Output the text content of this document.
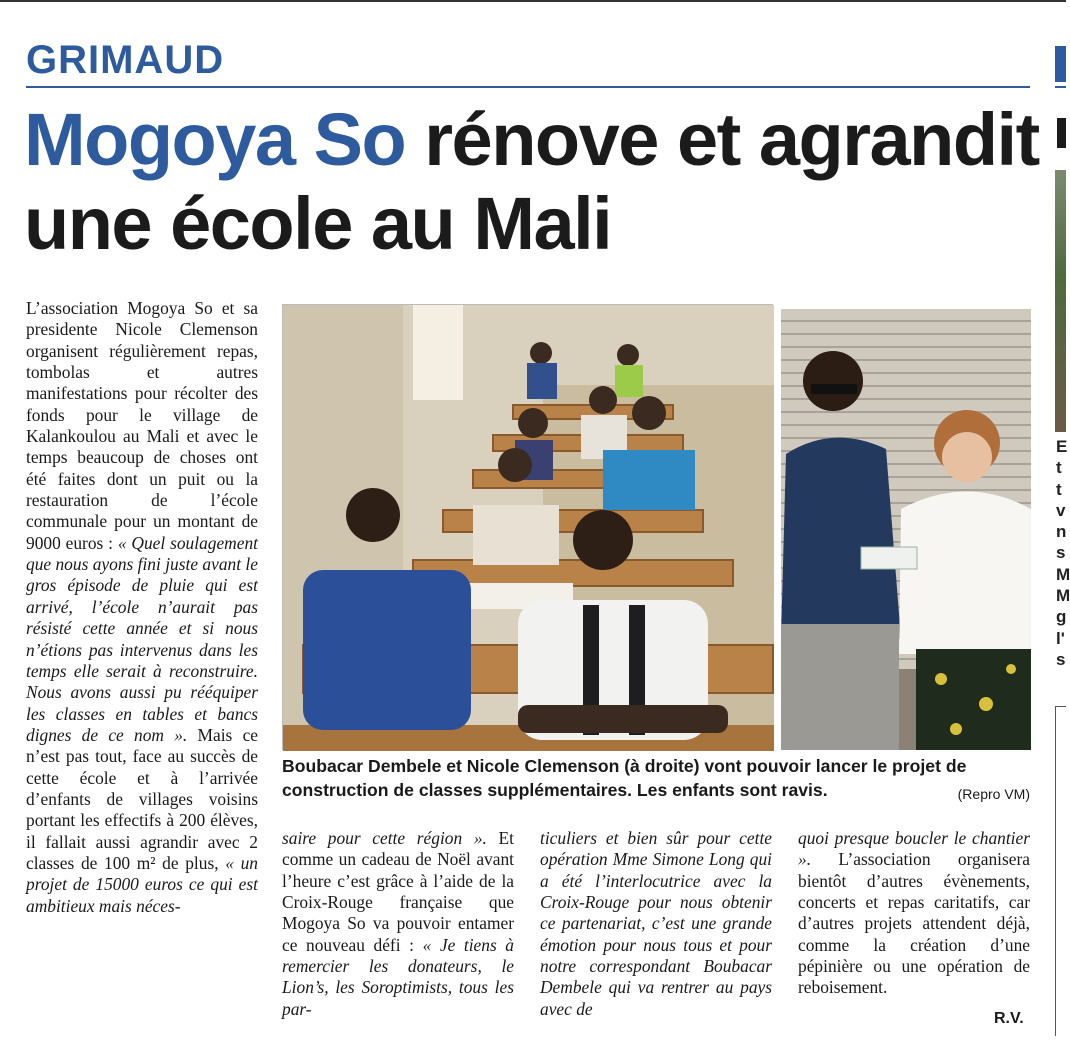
GRIMAUD
Mogoya So rénove et agrandit une école au Mali
E
t
t
v
n
s
M
M
g
l'
s
L’association Mogoya So et sa presidente Nicole Clemenson organisent régulièrement repas, tombolas et autres manifestations pour récolter des fonds pour le village de Kalankoulou au Mali et avec le temps beaucoup de choses ont été faites dont un puit ou la restauration de l’école communale pour un montant de 9000 euros : « Quel soulagement que nous ayons fini juste avant le gros épisode de pluie qui est arrivé, l’école n’aurait pas résisté cette année et si nous n’étions pas intervenus dans les temps elle serait à reconstruire. Nous avons aussi pu rééquiper les classes en tables et bancs dignes de ce nom ». Mais ce n’est pas tout, face au succès de cette école et à l’arrivée d’enfants de villages voisins portant les effectifs à 200 élèves, il fallait aussi agrandir avec 2 classes de 100 m² de plus, « un projet de 15000 euros ce qui est ambitieux mais néces-
Boubacar Dembele et Nicole Clemenson (à droite) vont pouvoir lancer le projet de construction de classes supplémentaires. Les enfants sont ravis.	(Repro VM)
saire pour cette région ». Et comme un cadeau de Noël avant l’heure c’est grâce à l’aide de la Croix-Rouge française que Mogoya So va pouvoir entamer ce nouveau défi : « Je tiens à remercier les donateurs, le Lion’s, les Soroptimists, tous les par-
ticuliers et bien sûr pour cette opération Mme Simone Long qui a été l’interlocutrice avec la Croix-Rouge pour nous obtenir ce partenariat, c’est une grande émotion pour nous tous et pour notre correspondant Boubacar Dembele qui va rentrer au pays avec de
quoi presque boucler le chantier ». L’association organisera bientôt d’autres évènements, concerts et repas caritatifs, car d’autres projets attendent déjà, comme la création d’une pépinière ou une opération de reboisement.
R.V.
